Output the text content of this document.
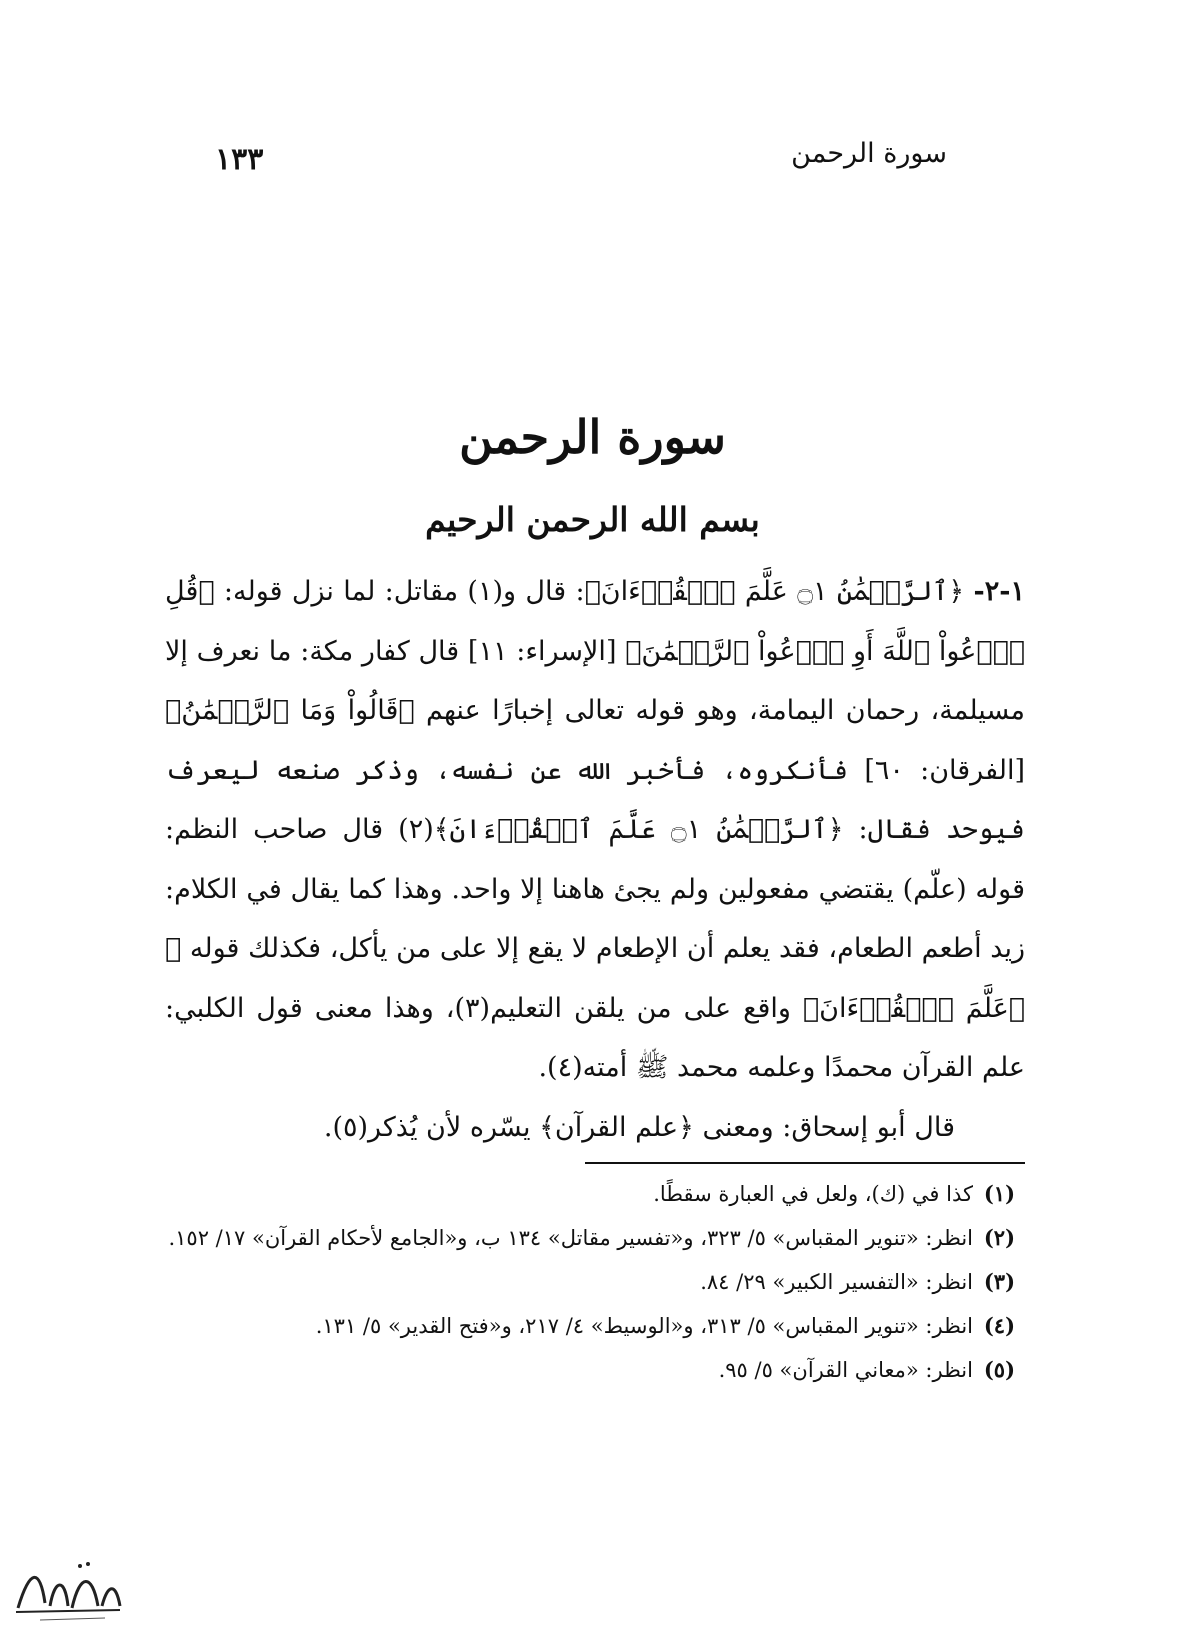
سورة الرحمن
١٣٣
سورة الرحمن
بسم الله الرحمن الرحيم

١-٢- ﴿ٱلرَّحۡمَٰنُ ۝١ عَلَّمَ ٱلۡقُرۡءَانَ﴾: قال و(١) مقاتل: لما نزل قوله: ﴿قُلِ ٱدۡعُواْ ٱللَّهَ أَوِ ٱدۡعُواْ ٱلرَّحۡمَٰنَ﴾ [الإسراء: ١١] قال كفار مكة: ما نعرف إلا مسيلمة، رحمان اليمامة، وهو قوله تعالى إخبارًا عنهم ﴿قَالُواْ وَمَا ٱلرَّحۡمَٰنُ﴾ [الفرقان: ٦٠] فأنكروه، فأخبر الله عن نفسه، وذكر صنعه ليعرف فيوحد فقال: ﴿ٱلرَّحۡمَٰنُ ۝١ عَلَّمَ ٱلۡقُرۡءَانَ﴾(٢) قال صاحب النظم: قوله (علّم) يقتضي مفعولين ولم يجئ هاهنا إلا واحد. وهذا كما يقال في الكلام: زيد أطعم الطعام، فقد يعلم أن الإطعام لا يقع إلا على من يأكل، فكذلك قوله ﷻ ﴿عَلَّمَ ٱلۡقُرۡءَانَ﴾ واقع على من يلقن التعليم(٣)، وهذا معنى قول الكلبي: علم القرآن محمدًا وعلمه محمد ﷺ أمته(٤).

قال أبو إسحاق: ومعنى ﴿علم القرآن﴾ يسّره لأن يُذكر(٥).

(١)
كذا في (ك)، ولعل في العبارة سقطًا.
(٢)
انظر: «تنوير المقباس» ٥/ ٣٢٣، و«تفسير مقاتل» ١٣٤ ب، و«الجامع لأحكام القرآن» ١٧/ ١٥٢.
(٣)
انظر: «التفسير الكبير» ٢٩/ ٨٤.
(٤)
انظر: «تنوير المقباس» ٥/ ٣١٣، و«الوسيط» ٤/ ٢١٧، و«فتح القدير» ٥/ ١٣١.
(٥)
انظر: «معاني القرآن» ٥/ ٩٥.
